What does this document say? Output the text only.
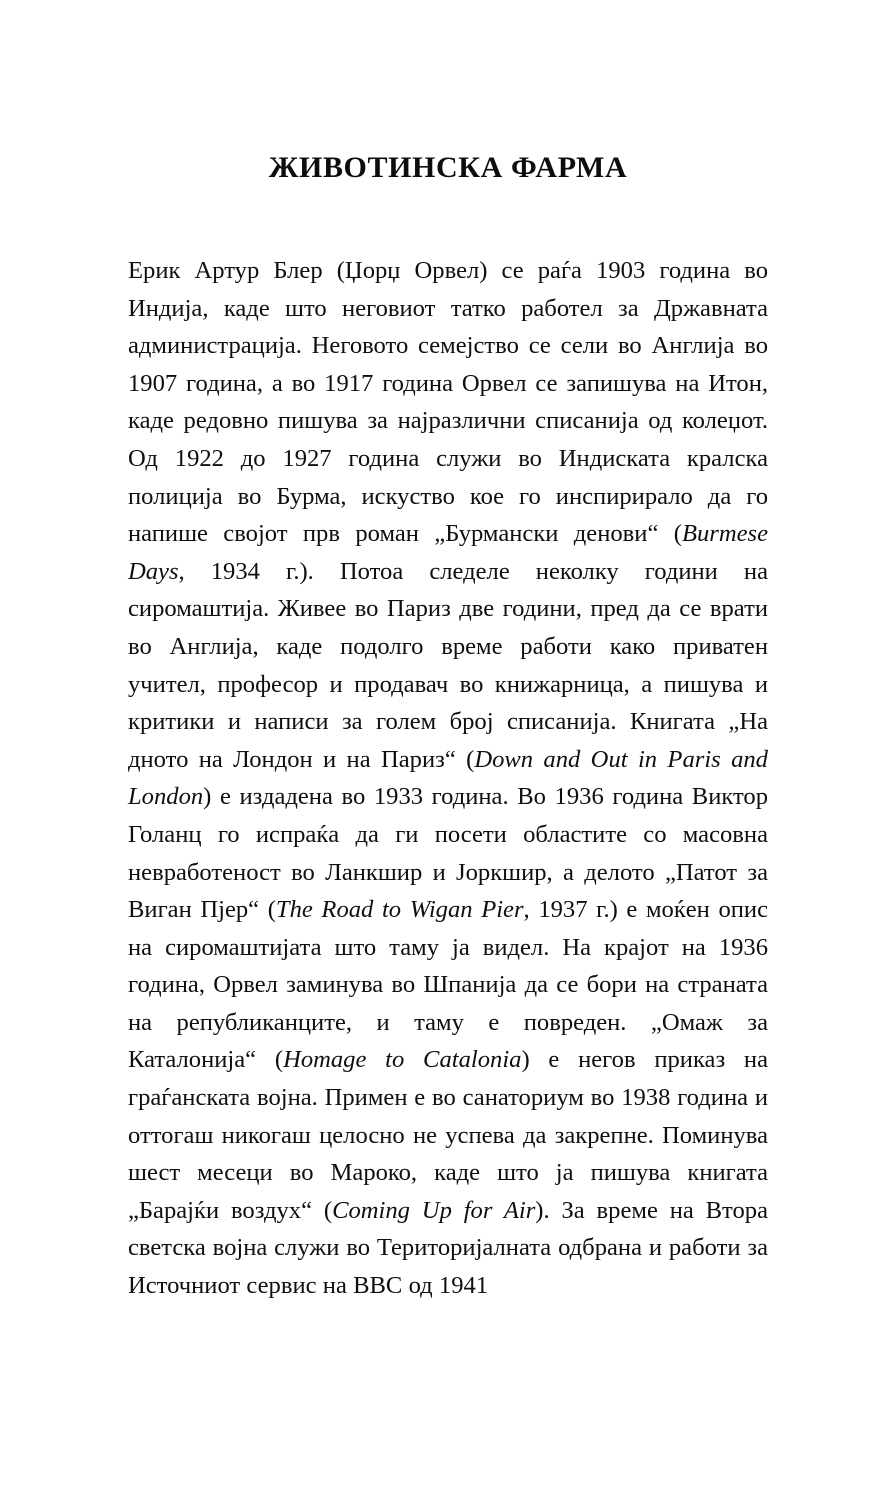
ЖИВОТИНСКА ФАРМА

Ерик Артур Блер (Џорџ Орвел) се раѓа 1903 година во Индија, каде што неговиот татко работел за Државната администрација. Неговото семејство се сели во Англија во 1907 година, а во 1917 година Орвел се запишува на Итон, каде редовно пишува за најразлични списанија од колеџот. Од 1922 до 1927 година служи во Индиската кралска полиција во Бурма, искуство кое го инспирирало да го напише својот прв роман „Бурмански денови“ (Burmese Days, 1934 г.). Потоа следеле неколку години на сиромаштија. Живее во Париз две години, пред да се врати во Англија, каде подолго време работи како приватен учител, професор и продавач во книжарница, а пишува и критики и написи за голем број списанија. Книгата „На дното на Лондон и на Париз“ (Down and Out in Paris and London) е издадена во 1933 година. Во 1936 година Виктор Голанц го испраќа да ги посети областите со масовна невработеност во Ланкшир и Јоркшир, а делото „Патот за Виган Пјер“ (The Road to Wigan Pier, 1937 г.) е моќен опис на сиромаштијата што таму ја видел. На крајот на 1936 година, Орвел заминува во Шпанија да се бори на страната на републиканците, и таму е повреден. „Омаж за Каталонија“ (Homage to Catalonia) е негов приказ на граѓанската војна. Примен е во санаториум во 1938 година и оттогаш никогаш целосно не успева да закрепне. Поминува шест месеци во Мароко, каде што ја пишува книгата „Барајќи воздух“ (Coming Up for Air). За време на Втора светска војна служи во Територијалната одбрана и работи за Источниот сервис на BBC од 1941
